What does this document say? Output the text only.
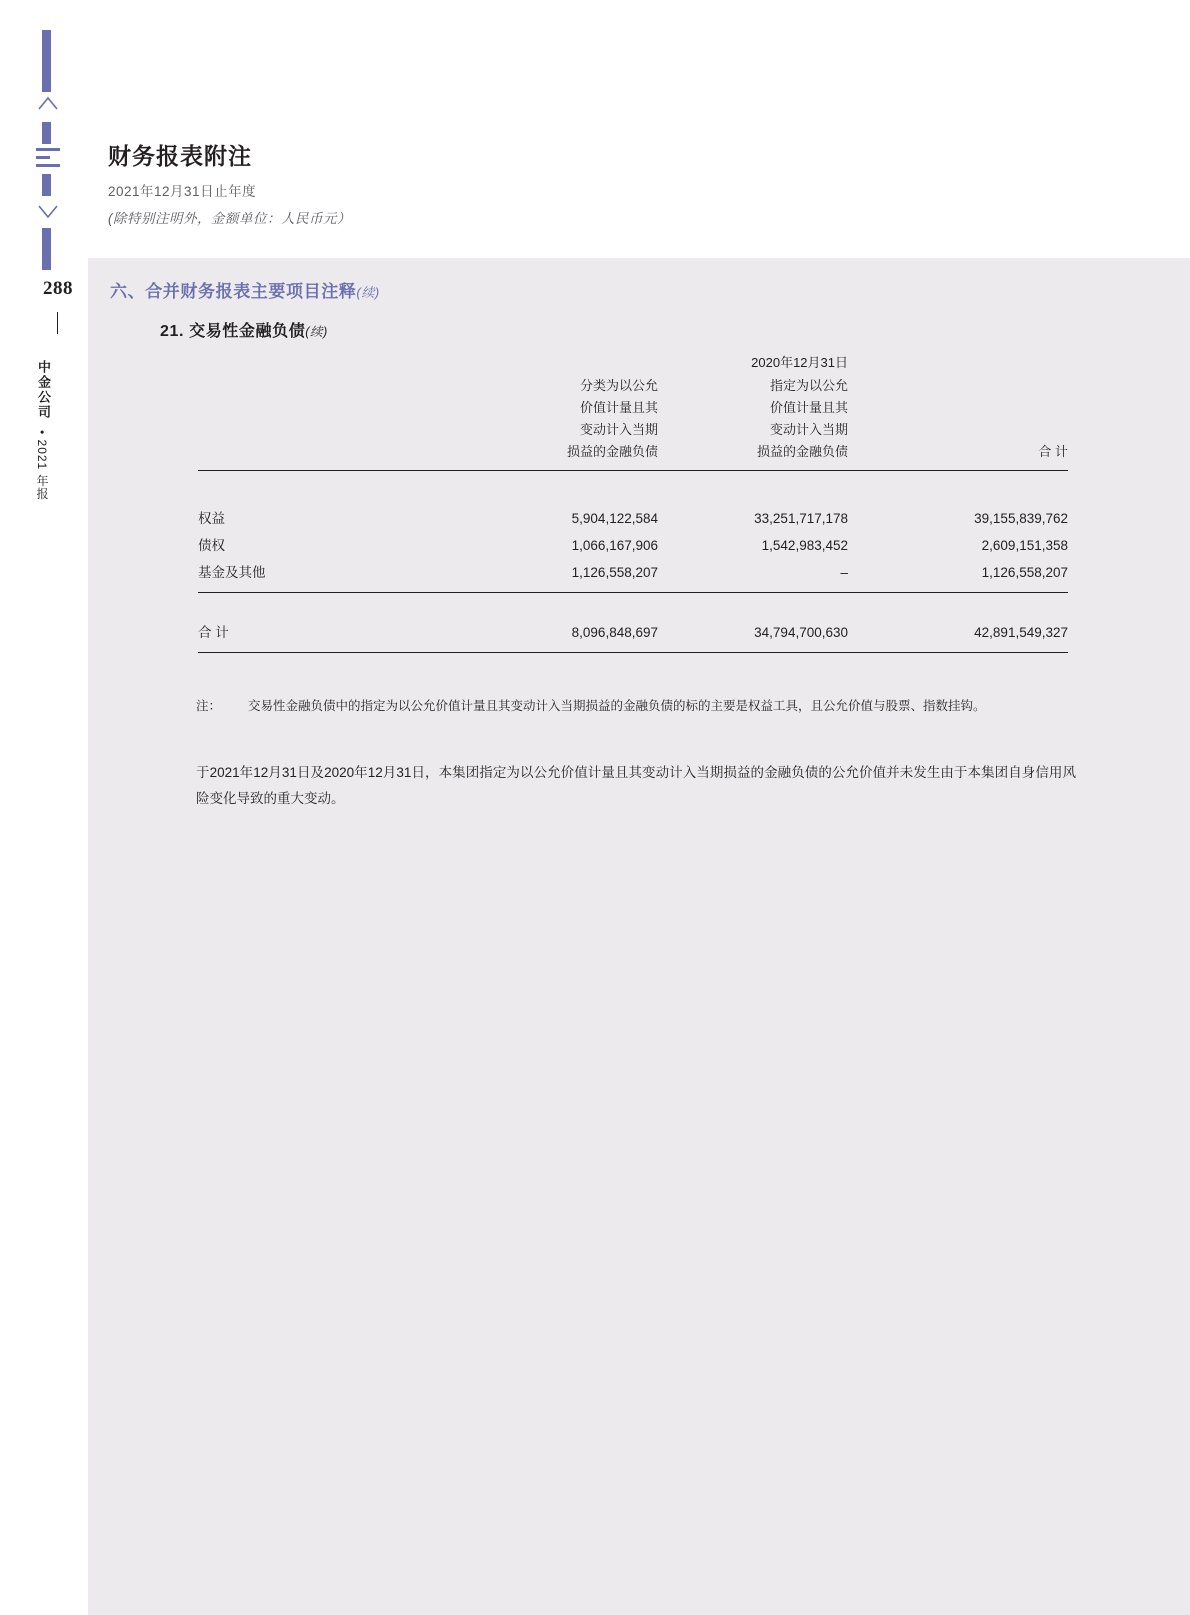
288
中金公司
• 2021 年报
财务报表附注
2021年12月31日止年度
(除特别注明外，金额单位：人民币元）
六、合并财务报表主要项目注释(续)
21. 交易性金融负债(续)
		2020年12月31日	
	分类为以公允	指定为以公允	
	价值计量且其	价值计量且其	
	变动计入当期	变动计入当期	
	损益的金融负债	损益的金融负债	合 计

权益	5,904,122,584	33,251,717,178	39,155,839,762
债权	1,066,167,906	1,542,983,452	2,609,151,358
基金及其他	1,126,558,207	–	1,126,558,207

合 计	8,096,848,697	34,794,700,630	42,891,549,327
注：	交易性金融负债中的指定为以公允价值计量且其变动计入当期损益的金融负债的标的主要是权益工具，且公允价值与股票、指数挂钩。
于2021年12月31日及2020年12月31日，本集团指定为以公允价值计量且其变动计入当期损益的金融负债的公允价值并未发生由于本集团自身信用风险变化导致的重大变动。
